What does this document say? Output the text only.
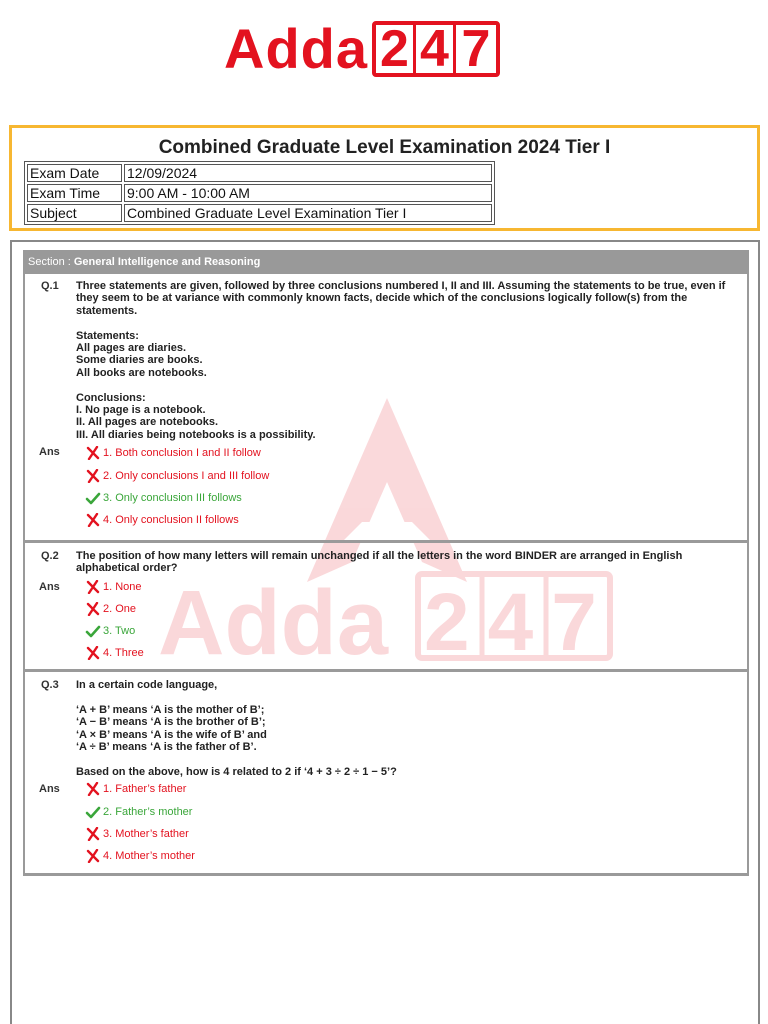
Adda 2 4 7
Combined Graduate Level Examination 2024 Tier I
Exam Date	12/09/2024
Exam Time	9:00 AM - 10:00 AM
Subject	Combined Graduate Level Examination Tier I
Adda 247
Section : General Intelligence and Reasoning
Q.1 Three statements are given, followed by three conclusions numbered I, II and III. Assuming the statements to be true, even if they seem to be at variance with commonly known facts, decide which of the conclusions logically follow(s) from the statements.

Statements:
All pages are diaries.
Some diaries are books.
All books are notebooks.

Conclusions:
I. No page is a notebook.
II. All pages are notebooks.
III. All diaries being notebooks is a possibility.
Ans	1. Both conclusion I and II follow
2. Only conclusions I and III follow
3. Only conclusion III follows
4. Only conclusion II follows
Q.2 The position of how many letters will remain unchanged if all the letters in the word BINDER are arranged in English alphabetical order?
Ans	1. None
2. One
3. Two
4. Three
Q.3 In a certain code language,

‘A + B’ means ‘A is the mother of B’;
‘A − B’ means ‘A is the brother of B’;
‘A × B’ means ‘A is the wife of B’ and
‘A ÷ B’ means ‘A is the father of B’.

Based on the above, how is 4 related to 2 if ‘4 + 3 ÷ 2 ÷ 1 − 5’?
Ans	1. Father’s father
2. Father’s mother
3. Mother’s father
4. Mother’s mother
